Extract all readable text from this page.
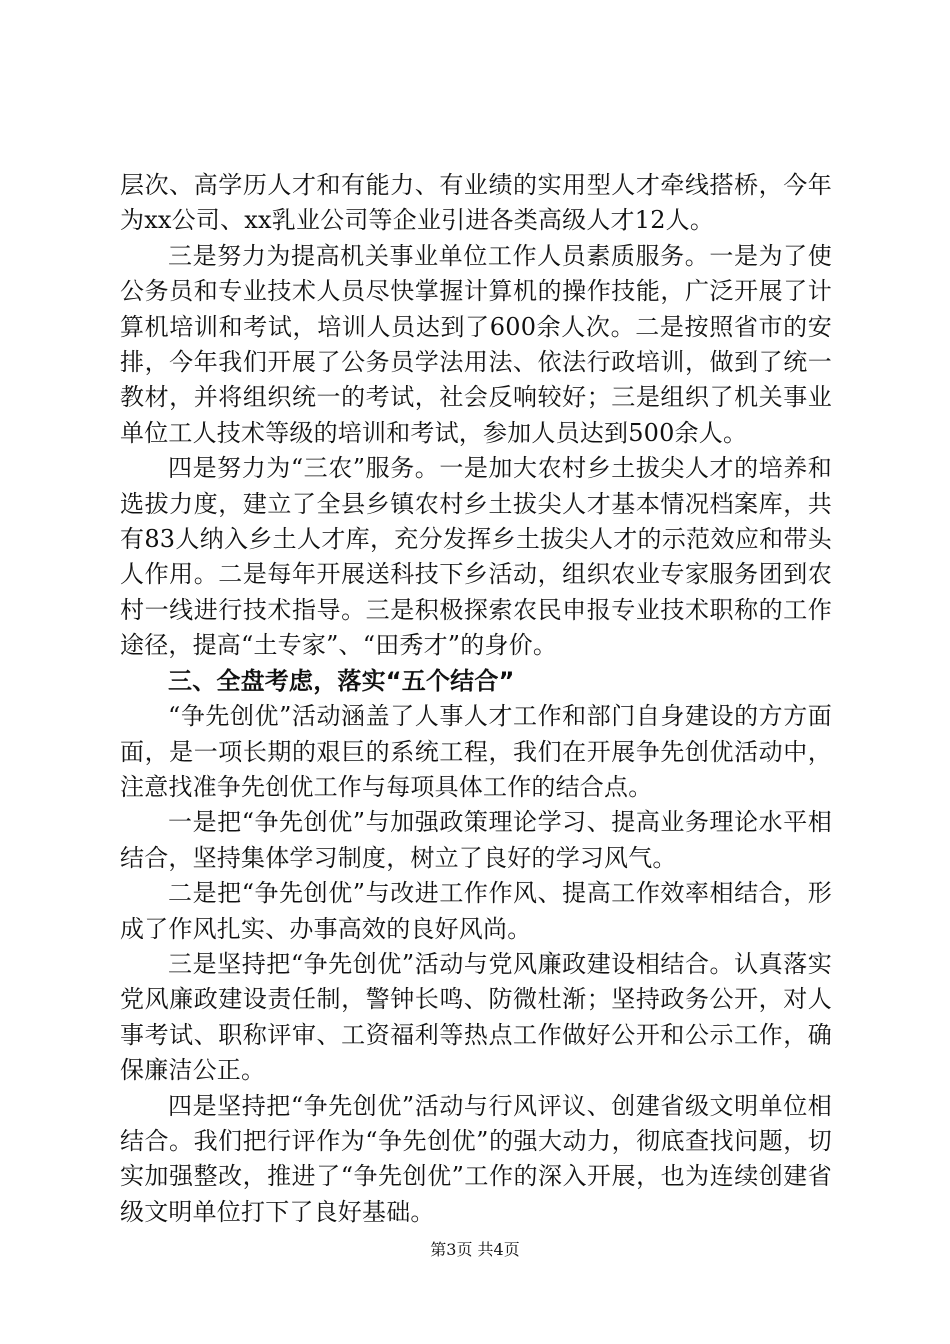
层次、高学历人才和有能力、有业绩的实用型人才牵线搭桥，今年为xx公司、xx乳业公司等企业引进各类高级人才12人。

三是努力为提高机关事业单位工作人员素质服务。一是为了使公务员和专业技术人员尽快掌握计算机的操作技能，广泛开展了计算机培训和考试，培训人员达到了600余人次。二是按照省市的安排，今年我们开展了公务员学法用法、依法行政培训，做到了统一教材，并将组织统一的考试，社会反响较好；三是组织了机关事业单位工人技术等级的培训和考试，参加人员达到500余人。

四是努力为“三农”服务。一是加大农村乡土拔尖人才的培养和选拔力度，建立了全县乡镇农村乡土拔尖人才基本情况档案库，共有83人纳入乡土人才库，充分发挥乡土拔尖人才的示范效应和带头人作用。二是每年开展送科技下乡活动，组织农业专家服务团到农村一线进行技术指导。三是积极探索农民申报专业技术职称的工作途径，提高“土专家”、“田秀才”的身价。

三、全盘考虑，落实“五个结合”

“争先创优”活动涵盖了人事人才工作和部门自身建设的方方面面，是一项长期的艰巨的系统工程，我们在开展争先创优活动中，注意找准争先创优工作与每项具体工作的结合点。

一是把“争先创优”与加强政策理论学习、提高业务理论水平相结合，坚持集体学习制度，树立了良好的学习风气。

二是把“争先创优”与改进工作作风、提高工作效率相结合，形成了作风扎实、办事高效的良好风尚。

三是坚持把“争先创优”活动与党风廉政建设相结合。认真落实党风廉政建设责任制，警钟长鸣、防微杜渐；坚持政务公开，对人事考试、职称评审、工资福利等热点工作做好公开和公示工作，确保廉洁公正。

四是坚持把“争先创优”活动与行风评议、创建省级文明单位相结合。我们把行评作为“争先创优”的强大动力，彻底查找问题，切实加强整改，推进了“争先创优”工作的深入开展，也为连续创建省级文明单位打下了良好基础。

第3页 共4页
